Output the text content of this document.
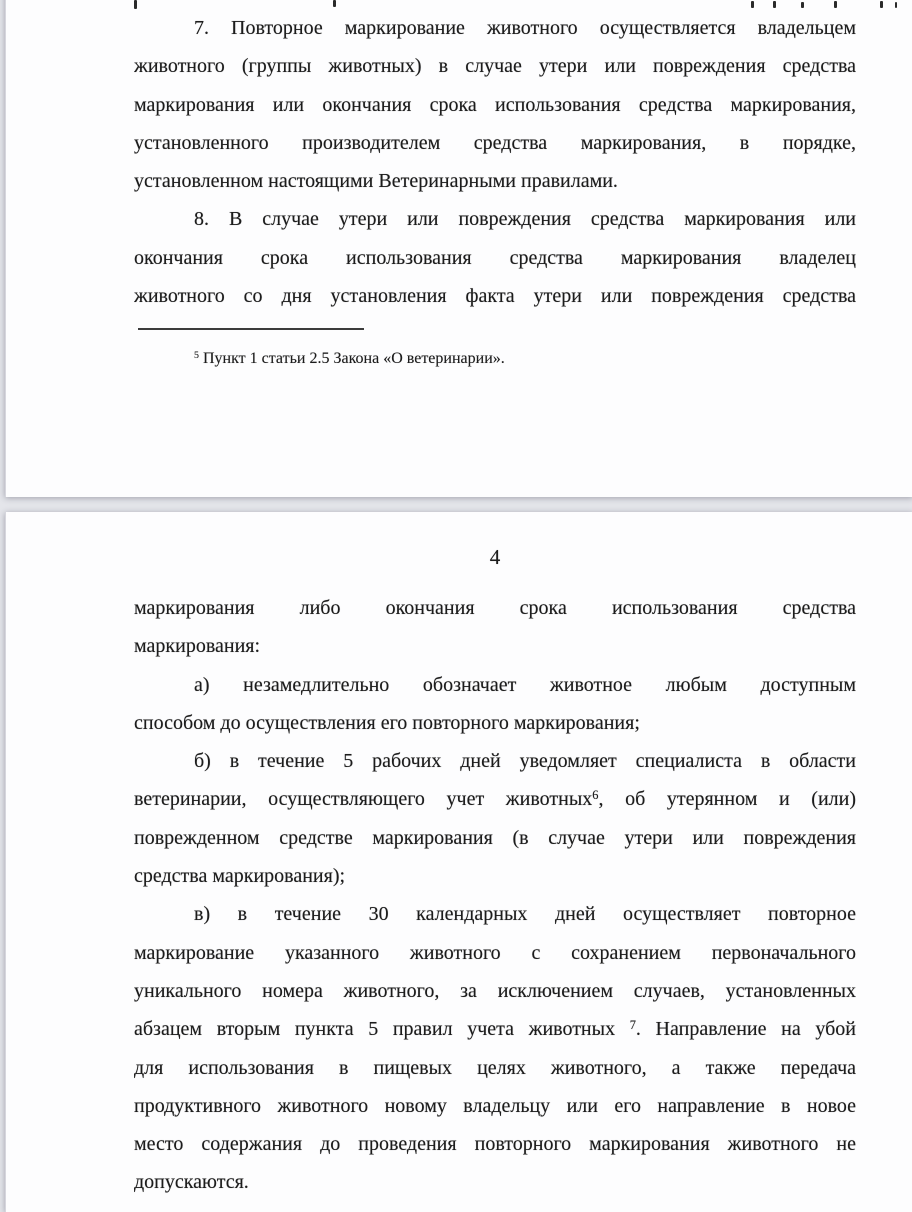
7. Повторное маркирование животного осуществляется владельцем
животного (группы животных) в случае утери или повреждения средства
маркирования или окончания срока использования средства маркирования,
установленного производителем средства маркирования, в порядке,
установленном настоящими Ветеринарными правилами.
8. В случае утери или повреждения средства маркирования или
окончания срока использования средства маркирования владелец
животного со дня установления факта утери или повреждения средства
$^5$ Пункт 1 статьи 2.5 Закона «О ветеринарии».
4
маркирования либо окончания срока использования средства
маркирования:
а) незамедлительно обозначает животное любым доступным
способом до осуществления его повторного маркирования;
б) в течение 5 рабочих дней уведомляет специалиста в области
ветеринарии, осуществляющего учет животных$^6$, об утерянном и (или)
поврежденном средстве маркирования (в случае утери или повреждения
средства маркирования);
в) в течение 30 календарных дней осуществляет повторное
маркирование указанного животного с сохранением первоначального
уникального номера животного, за исключением случаев, установленных
абзацем вторым пункта 5 правил учета животных $^7$. Направление на убой
для использования в пищевых целях животного, а также передача
продуктивного животного новому владельцу или его направление в новое
место содержания до проведения повторного маркирования животного не
допускаются.
